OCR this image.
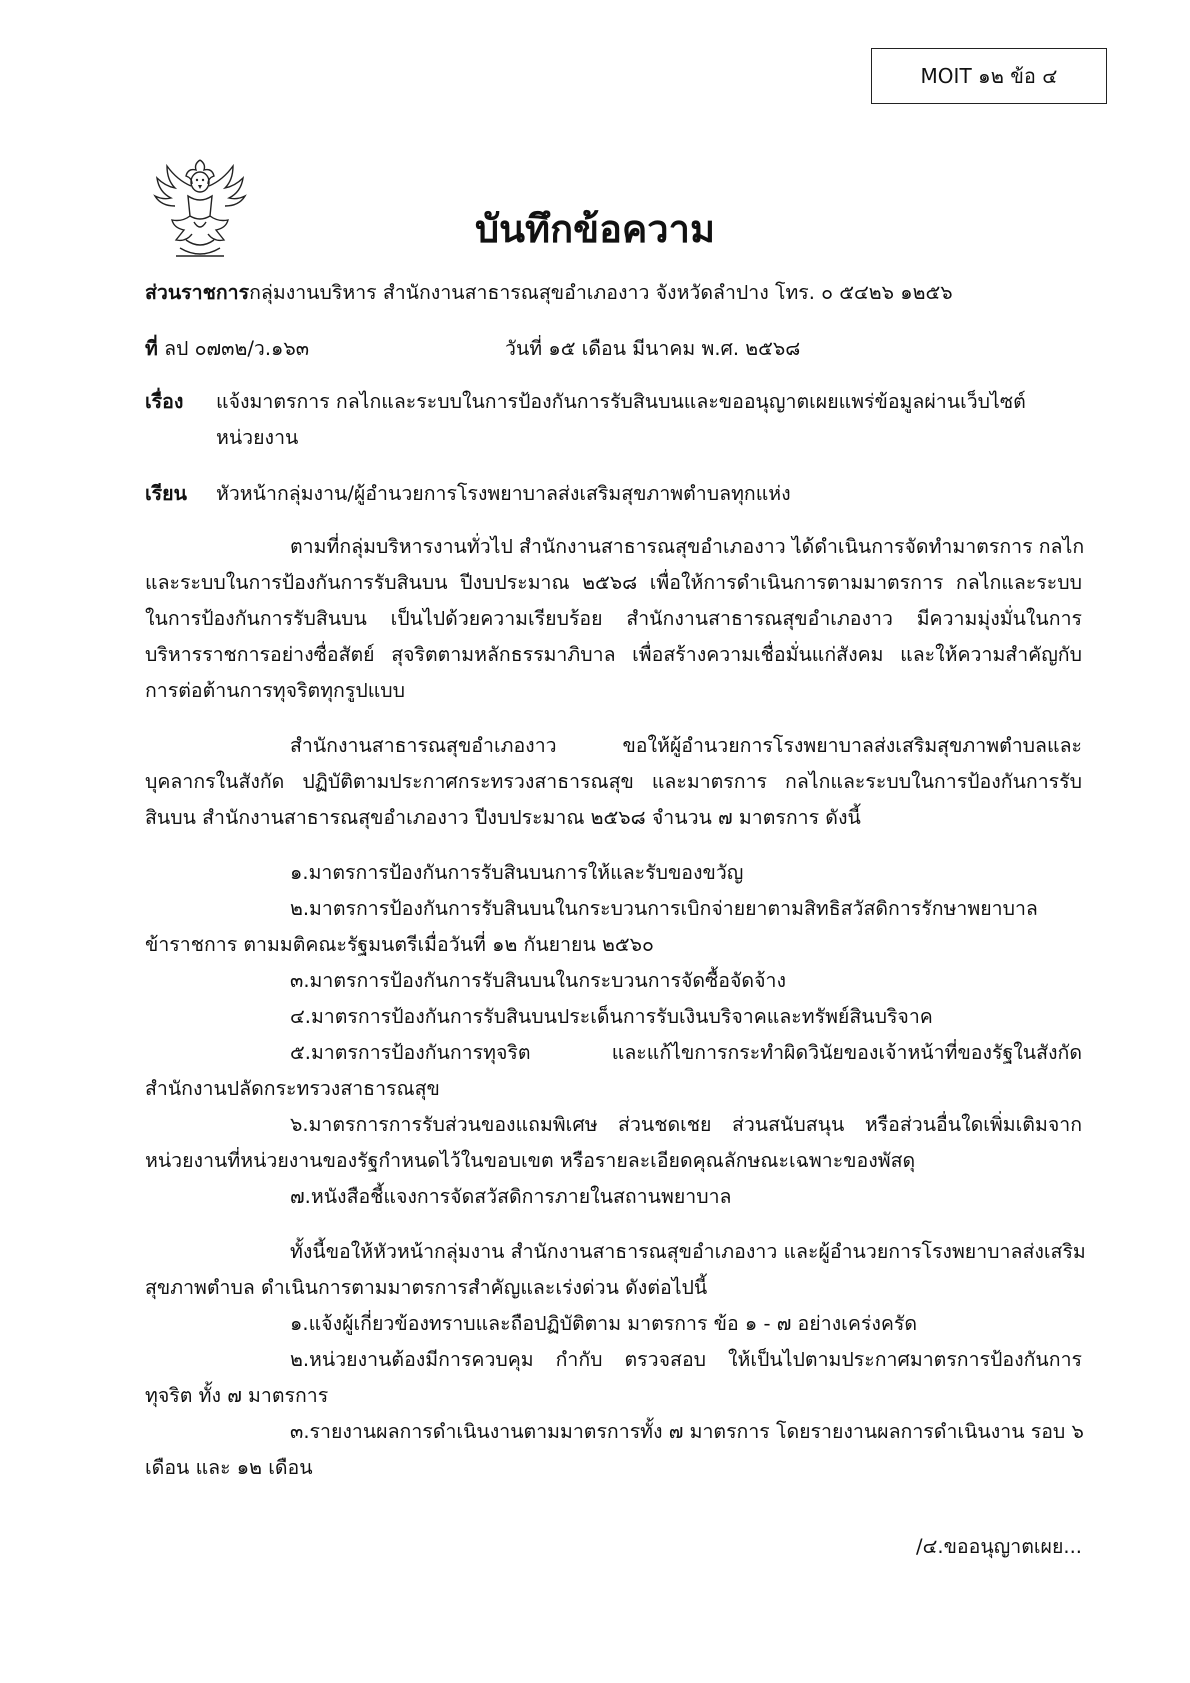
MOIT ๑๒ ข้อ ๔
บันทึกข้อความ
ส่วนราชการกลุ่มงานบริหาร สำนักงานสาธารณสุขอำเภองาว จังหวัดลำปาง โทร. ๐ ๕๔๒๖ ๑๒๕๖
ที่ ลป ๐๗๓๒/ว.๑๖๓	วันที่ ๑๕ เดือน มีนาคม พ.ศ. ๒๕๖๘
เรื่อง แจ้งมาตรการ กลไกและระบบในการป้องกันการรับสินบนและขออนุญาตเผยแพร่ข้อมูลผ่านเว็บไซต์
หน่วยงาน
เรียน หัวหน้ากลุ่มงาน/ผู้อำนวยการโรงพยาบาลส่งเสริมสุขภาพตำบลทุกแห่ง
ตามที่กลุ่มบริหารงานทั่วไป สำนักงานสาธารณสุขอำเภองาว ได้ดำเนินการจัดทำมาตรการ กลไก
และระบบในการป้องกันการรับสินบน ปีงบประมาณ ๒๕๖๘ เพื่อให้การดำเนินการตามมาตรการ กลไกและระบบ
ในการป้องกันการรับสินบน เป็นไปด้วยความเรียบร้อย สำนักงานสาธารณสุขอำเภองาว มีความมุ่งมั่นในการ
บริหารราชการอย่างซื่อสัตย์ สุจริตตามหลักธรรมาภิบาล เพื่อสร้างความเชื่อมั่นแก่สังคม และให้ความสำคัญกับ
การต่อต้านการทุจริตทุกรูปแบบ
สำนักงานสาธารณสุขอำเภองาว ขอให้ผู้อำนวยการโรงพยาบาลส่งเสริมสุขภาพตำบลและ
บุคลากรในสังกัด ปฏิบัติตามประกาศกระทรวงสาธารณสุข และมาตรการ กลไกและระบบในการป้องกันการรับ
สินบน สำนักงานสาธารณสุขอำเภองาว ปีงบประมาณ ๒๕๖๘ จำนวน ๗ มาตรการ ดังนี้
๑.มาตรการป้องกันการรับสินบนการให้และรับของขวัญ
๒.มาตรการป้องกันการรับสินบนในกระบวนการเบิกจ่ายยาตามสิทธิสวัสดิการรักษาพยาบาล
ข้าราชการ ตามมติคณะรัฐมนตรีเมื่อวันที่ ๑๒ กันยายน ๒๕๖๐
๓.มาตรการป้องกันการรับสินบนในกระบวนการจัดซื้อจัดจ้าง
๔.มาตรการป้องกันการรับสินบนประเด็นการรับเงินบริจาคและทรัพย์สินบริจาค
๕.มาตรการป้องกันการทุจริต และแก้ไขการกระทำผิดวินัยของเจ้าหน้าที่ของรัฐในสังกัด
สำนักงานปลัดกระทรวงสาธารณสุข
๖.มาตรการการรับส่วนของแถมพิเศษ ส่วนชดเชย ส่วนสนับสนุน หรือส่วนอื่นใดเพิ่มเติมจาก
หน่วยงานที่หน่วยงานของรัฐกำหนดไว้ในขอบเขต หรือรายละเอียดคุณลักษณะเฉพาะของพัสดุ
๗.หนังสือชี้แจงการจัดสวัสดิการภายในสถานพยาบาล
ทั้งนี้ขอให้หัวหน้ากลุ่มงาน สำนักงานสาธารณสุขอำเภองาว และผู้อำนวยการโรงพยาบาลส่งเสริม
สุขภาพตำบล ดำเนินการตามมาตรการสำคัญและเร่งด่วน ดังต่อไปนี้
๑.แจ้งผู้เกี่ยวข้องทราบและถือปฏิบัติตาม มาตรการ ข้อ ๑ - ๗ อย่างเคร่งครัด
๒.หน่วยงานต้องมีการควบคุม กำกับ ตรวจสอบ ให้เป็นไปตามประกาศมาตรการป้องกันการ
ทุจริต ทั้ง ๗ มาตรการ
๓.รายงานผลการดำเนินงานตามมาตรการทั้ง ๗ มาตรการ โดยรายงานผลการดำเนินงาน รอบ ๖
เดือน และ ๑๒ เดือน
/๔.ขออนุญาตเผย...
